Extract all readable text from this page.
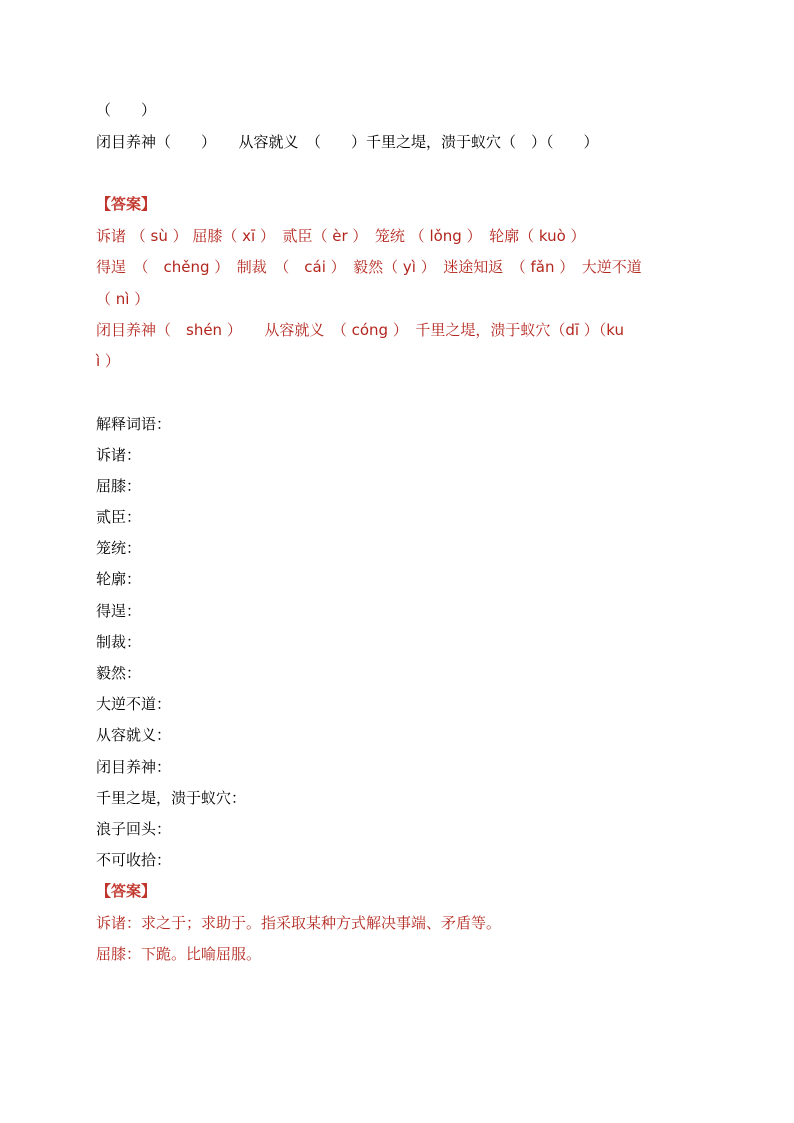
（　　）
闭目养神（　　）　　从容就义　（　　）千里之堤，溃于蚁穴（　）（　　）
【答案】
诉诸 （ sù ） 屈膝（ xī ）　贰臣（ èr ）　笼统 （ lǒng ）　轮廓（ kuò ）
得逞　（　chěng ）　制裁　（　cái ）　毅然（ yì ）　迷途知返　（ fǎn ）　大逆不道
（ nì ）
闭目养神（　shén ）　　从容就义　（ cóng ）　千里之堤，溃于蚁穴（dī ）（ku
ì ）
解释词语：
诉诸：
屈膝：
贰臣：
笼统：
轮廓：
得逞：
制裁：
毅然：
大逆不道：
从容就义：
闭目养神：
千里之堤，溃于蚁穴：
浪子回头：
不可收拾：
【答案】
诉诸：求之于；求助于。指采取某种方式解决事端、矛盾等。
屈膝：下跪。比喻屈服。
